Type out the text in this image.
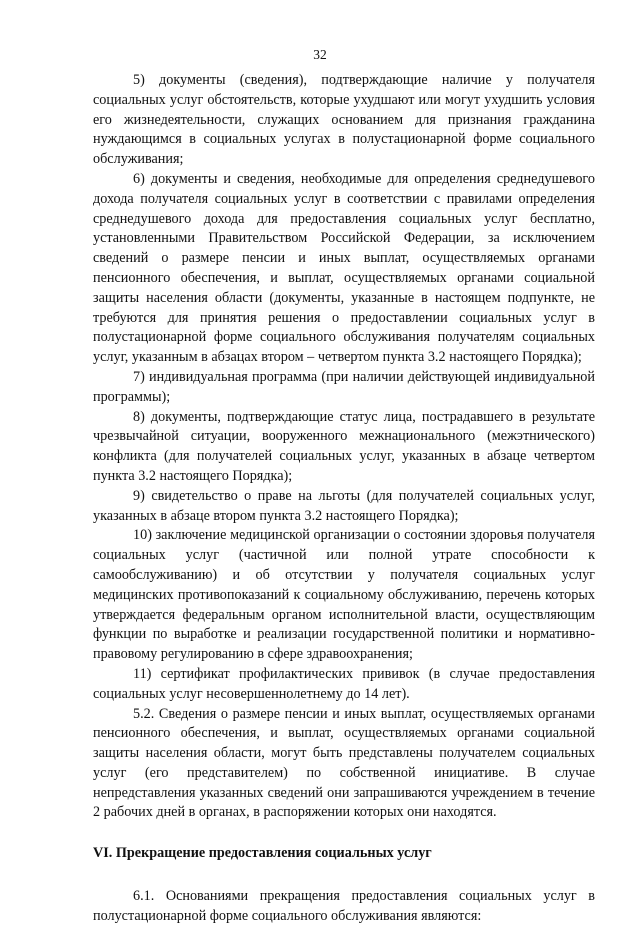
32

5) документы (сведения), подтверждающие наличие у получателя социальных услуг обстоятельств, которые ухудшают или могут ухудшить условия его жизнедеятельности, служащих основанием для признания гражданина нуждающимся в социальных услугах в полустационарной форме социального обслуживания;

6) документы и сведения, необходимые для определения среднедушевого дохода получателя социальных услуг в соответствии с правилами определения среднедушевого дохода для предоставления социальных услуг бесплатно, установленными Правительством Российской Федерации, за исключением сведений о размере пенсии и иных выплат, осуществляемых органами пенсионного обеспечения, и выплат, осуществляемых органами социальной защиты населения области (документы, указанные в настоящем подпункте, не требуются для принятия решения о предоставлении социальных услуг в полустационарной форме социального обслуживания получателям социальных услуг, указанным в абзацах втором – четвертом пункта 3.2 настоящего Порядка);

7) индивидуальная программа (при наличии действующей индивидуальной программы);

8) документы, подтверждающие статус лица, пострадавшего в результате чрезвычайной ситуации, вооруженного межнационального (межэтнического) конфликта (для получателей социальных услуг, указанных в абзаце четвертом пункта 3.2 настоящего Порядка);

9) свидетельство о праве на льготы (для получателей социальных услуг, указанных в абзаце втором пункта 3.2 настоящего Порядка);

10) заключение медицинской организации о состоянии здоровья получателя социальных услуг (частичной или полной утрате способности к самообслуживанию) и об отсутствии у получателя социальных услуг медицинских противопоказаний к социальному обслуживанию, перечень которых утверждается федеральным органом исполнительной власти, осуществляющим функции по выработке и реализации государственной политики и нормативно-правовому регулированию в сфере здравоохранения;

11) сертификат профилактических прививок (в случае предоставления социальных услуг несовершеннолетнему до 14 лет).

5.2. Сведения о размере пенсии и иных выплат, осуществляемых органами пенсионного обеспечения, и выплат, осуществляемых органами социальной защиты населения области, могут быть представлены получателем социальных услуг (его представителем) по собственной инициативе. В случае непредставления указанных сведений они запрашиваются учреждением в течение 2 рабочих дней в органах, в распоряжении которых они находятся.

VI. Прекращение предоставления социальных услуг

6.1. Основаниями прекращения предоставления социальных услуг в полустационарной форме социального обслуживания являются:
